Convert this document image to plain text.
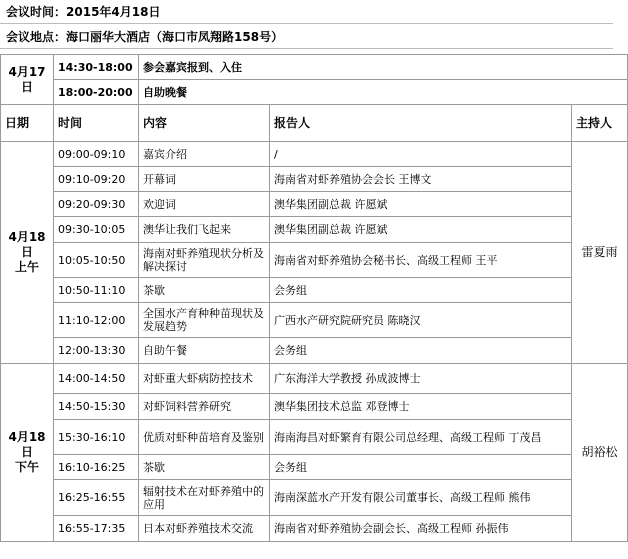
会议时间：2015年4月18日
会议地点：海口丽华大酒店（海口市凤翔路158号）
4月17日	14:30-18:00	参会嘉宾报到、入住		
	18:00-20:00	自助晚餐		
日期	时间	内容	报告人	主持人
4月18日
上午	09:00-09:10	嘉宾介绍	/	雷夏雨
	09:10-09:20	开幕词	海南省对虾养殖协会会长 王博文	
	09:20-09:30	欢迎词	澳华集团副总裁 许愿斌	
	09:30-10:05	澳华让我们飞起来	澳华集团副总裁 许愿斌	
	10:05-10:50	海南对虾养殖现状分析及解决探讨	海南省对虾养殖协会秘书长、高级工程师 王平	
	10:50-11:10	茶歇	会务组	
	11:10-12:00	全国水产育种种苗现状及发展趋势	广西水产研究院研究员 陈晓汉	
	12:00-13:30	自助午餐	会务组	
4月18日
下午	14:00-14:50	对虾重大虾病防控技术	广东海洋大学教授 孙成波博士	胡裕松
	14:50-15:30	对虾饲料营养研究	澳华集团技术总监 邓登博士	
	15:30-16:10	优质对虾种苗培育及鉴别	海南海昌对虾繁育有限公司总经理、高级工程师 丁茂昌	
	16:10-16:25	茶歇	会务组	
	16:25-16:55	辐射技术在对虾养殖中的应用	海南深蓝水产开发有限公司董事长、高级工程师 熊伟	
	16:55-17:35	日本对虾养殖技术交流	海南省对虾养殖协会副会长、高级工程师 孙振伟	
